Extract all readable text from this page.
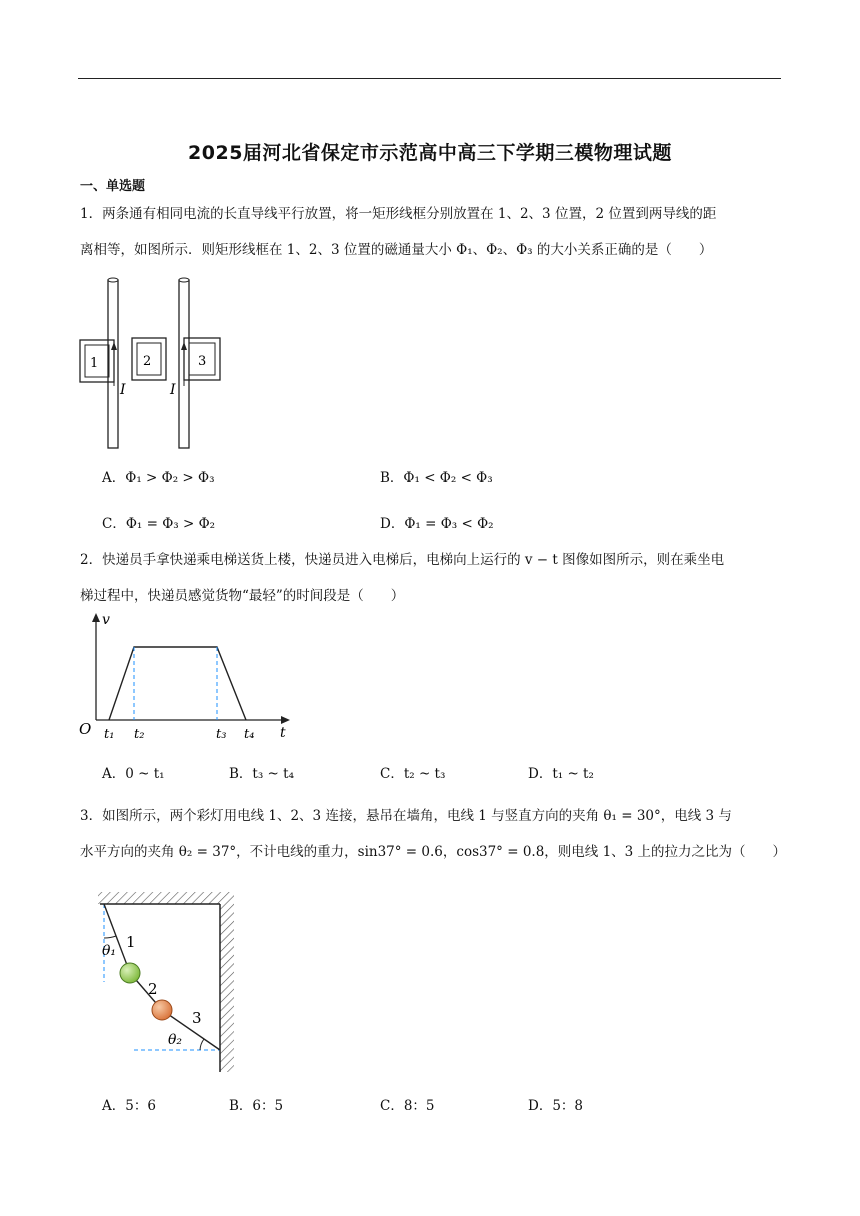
2025届河北省保定市示范高中高三下学期三模物理试题
一、单选题
1．两条通有相同电流的长直导线平行放置，将一矩形线框分别放置在 1、2、3 位置，2 位置到两导线的距
离相等，如图所示．则矩形线框在 1、2、3 位置的磁通量大小 Φ₁、Φ₂、Φ₃ 的大小关系正确的是（　　）
1	2	3
I	I
A．Φ₁ > Φ₂ > Φ₃	B．Φ₁ < Φ₂ < Φ₃
C．Φ₁ = Φ₃ > Φ₂	D．Φ₁ = Φ₃ < Φ₂
2．快递员手拿快递乘电梯送货上楼，快递员进入电梯后，电梯向上运行的 v − t 图像如图所示，则在乘坐电
梯过程中，快递员感觉货物“最轻”的时间段是（　　）
v
t
O t₁ t₂	t₃ t₄
A．0 ~ t₁	B．t₃ ~ t₄	C．t₂ ~ t₃	D．t₁ ~ t₂
3．如图所示，两个彩灯用电线 1、2、3 连接，悬吊在墙角，电线 1 与竖直方向的夹角 θ₁ = 30°，电线 3 与
水平方向的夹角 θ₂ = 37°，不计电线的重力，sin37° = 0.6，cos37° = 0.8，则电线 1、3 上的拉力之比为（　　）
1
2
3
θ₁
θ₂
A．5：6	B．6：5	C．8：5	D．5：8
